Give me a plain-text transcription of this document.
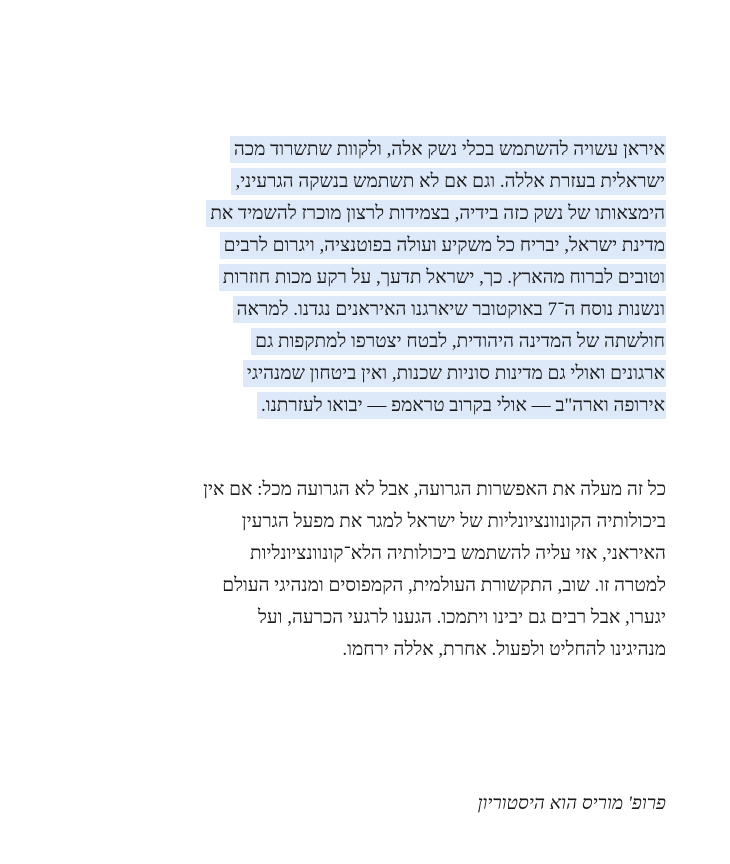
איראן עשויה להשתמש בכלי נשק אלה, ולקוות שתשרוד מכה
ישראלית בעזרת אללה. וגם אם לא תשתמש בנשקה הגרעיני,
הימצאותו של נשק כזה בידיה, בצמידות לרצון מוכרז להשמיד את
מדינת ישראל, יבריח כל משקיע ועולה בפוטנציה, ויגרום לרבים
וטובים לברוח מהארץ. כך, ישראל תדעך, על רקע מכות חוזרות
ונשנות נוסח ה־7 באוקטובר שיארגנו האיראנים נגדנו. למראה
חולשתה של המדינה היהודית, לבטח יצטרפו למתקפות גם
ארגונים ואולי גם מדינות סוניות שכנות, ואין ביטחון שמנהיגי
אירופה וארה"ב — אולי בקרוב טראמפ — יבואו לעזרתנו.
כל זה מעלה את האפשרות הגרועה, אבל לא הגרועה מכל: אם אין
ביכולותיה הקונוונציונליות של ישראל למגר את מפעל הגרעין
האיראני, אזי עליה להשתמש ביכולותיה הלא־קונוונציונליות
למטרה זו. שוב, התקשורת העולמית, הקמפוסים ומנהיגי העולם
יגערו, אבל רבים גם יבינו ויתמכו. הגענו לרגעי הכרעה, ועל
מנהיגינו להחליט ולפעול. אחרת, אללה ירחמו.
פרופ' מוריס הוא היסטוריון
